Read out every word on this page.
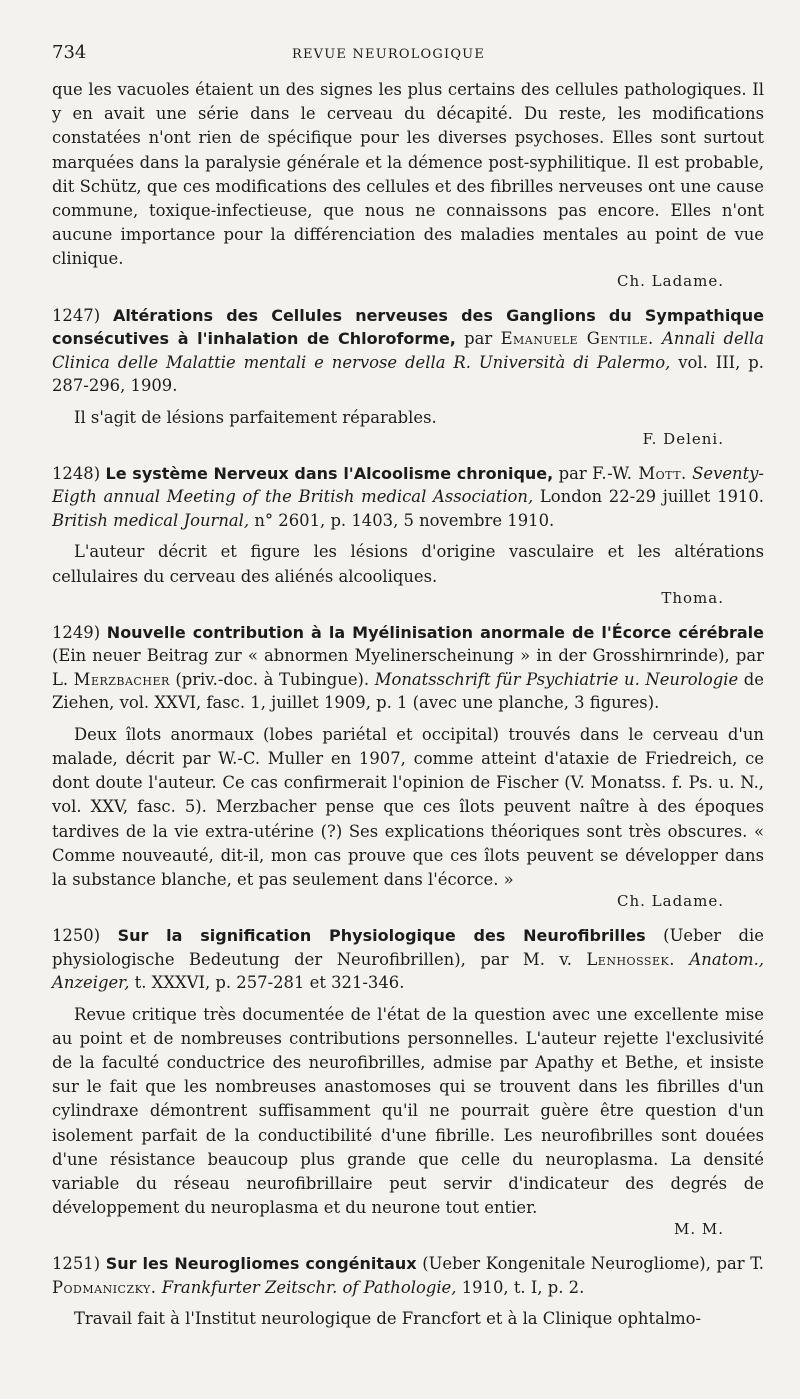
734	REVUE NEUROLOGIQUE

que les vacuoles étaient un des signes les plus certains des cellules pathologiques. Il y en avait une série dans le cerveau du décapité. Du reste, les modifications constatées n'ont rien de spécifique pour les diverses psychoses. Elles sont surtout marquées dans la paralysie générale et la démence post-syphilitique. Il est probable, dit Schütz, que ces modifications des cellules et des fibrilles nerveuses ont une cause commune, toxique-infectieuse, que nous ne connaissons pas encore. Elles n'ont aucune importance pour la différenciation des maladies mentales au point de vue clinique.

Ch. Ladame.

1247) Altérations des Cellules nerveuses des Ganglions du Sympathique consécutives à l'inhalation de Chloroforme, par Emanuele Gentile. Annali della Clinica delle Malattie mentali e nervose della R. Università di Palermo, vol. III, p. 287-296, 1909.

Il s'agit de lésions parfaitement réparables.

F. Deleni.

1248) Le système Nerveux dans l'Alcoolisme chronique, par F.-W. Mott. Seventy-Eigth annual Meeting of the British medical Association, London 22-29 juillet 1910. British medical Journal, n° 2601, p. 1403, 5 novembre 1910.

L'auteur décrit et figure les lésions d'origine vasculaire et les altérations cellulaires du cerveau des aliénés alcooliques.

Thoma.

1249) Nouvelle contribution à la Myélinisation anormale de l'Écorce cérébrale (Ein neuer Beitrag zur « abnormen Myelinerscheinung » in der Grosshirnrinde), par L. Merzbacher (priv.-doc. à Tubingue). Monatsschrift für Psychiatrie u. Neurologie de Ziehen, vol. XXVI, fasc. 1, juillet 1909, p. 1 (avec une planche, 3 figures).

Deux îlots anormaux (lobes pariétal et occipital) trouvés dans le cerveau d'un malade, décrit par W.-C. Muller en 1907, comme atteint d'ataxie de Friedreich, ce dont doute l'auteur. Ce cas confirmerait l'opinion de Fischer (V. Monatss. f. Ps. u. N., vol. XXV, fasc. 5). Merzbacher pense que ces îlots peuvent naître à des époques tardives de la vie extra-utérine (?) Ses explications théoriques sont très obscures. « Comme nouveauté, dit-il, mon cas prouve que ces îlots peuvent se développer dans la substance blanche, et pas seulement dans l'écorce. »

Ch. Ladame.

1250) Sur la signification Physiologique des Neurofibrilles (Ueber die physiologische Bedeutung der Neurofibrillen), par M. v. Lenhossek. Anatom., Anzeiger, t. XXXVI, p. 257-281 et 321-346.

Revue critique très documentée de l'état de la question avec une excellente mise au point et de nombreuses contributions personnelles. L'auteur rejette l'exclusivité de la faculté conductrice des neurofibrilles, admise par Apathy et Bethe, et insiste sur le fait que les nombreuses anastomoses qui se trouvent dans les fibrilles d'un cylindraxe démontrent suffisamment qu'il ne pourrait guère être question d'un isolement parfait de la conductibilité d'une fibrille. Les neurofibrilles sont douées d'une résistance beaucoup plus grande que celle du neuroplasma. La densité variable du réseau neurofibrillaire peut servir d'indicateur des degrés de développement du neuroplasma et du neurone tout entier.

M. M.

1251) Sur les Neurogliomes congénitaux (Ueber Kongenitale Neurogliome), par T. Podmaniczky. Frankfurter Zeitschr. of Pathologie, 1910, t. I, p. 2.

Travail fait à l'Institut neurologique de Francfort et à la Clinique ophtalmo-
